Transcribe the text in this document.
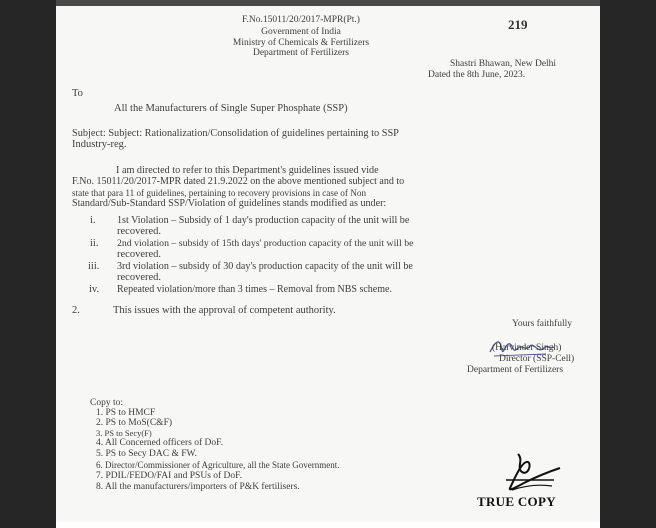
F.No.15011/20/2017-MPR(Pt.)	219
Government of India
Ministry of Chemicals & Fertilizers
Department of Fertilizers
Shastri Bhawan, New Delhi
Dated the 8th June, 2023.
To
All the Manufacturers of Single Super Phosphate (SSP)
Subject: Subject: Rationalization/Consolidation of guidelines pertaining to SSP
Industry-reg.
I am directed to refer to this Department's guidelines issued vide
F.No. 15011/20/2017-MPR dated 21.9.2022 on the above mentioned subject and to
state that para 11 of guidelines, pertaining to recovery provisions in case of Non
Standard/Sub-Standard SSP/Violation of guidelines stands modified as under:
i. 1st Violation – Subsidy of 1 day's production capacity of the unit will be
recovered.
ii. 2nd violation – subsidy of 15th days' production capacity of the unit will be
recovered.
iii. 3rd violation – subsidy of 30 day's production capacity of the unit will be
recovered.
iv. Repeated violation/more than 3 times – Removal from NBS scheme.
2.	This issues with the approval of competent authority.
Yours faithfully
(Harvinder Singh)
Director (SSP-Cell)
Department of Fertilizers
Copy to:
1. PS to HMCF
2. PS to MoS(C&F)
3. PS to Secy(F)
4. All Concerned officers of DoF.
5. PS to Secy DAC & FW.
6. Director/Commissioner of Agriculture, all the State Government.
7. PDIL/FEDO/FAI and PSUs of DoF.
8. All the manufacturers/importers of P&K fertilisers.
TRUE COPY
